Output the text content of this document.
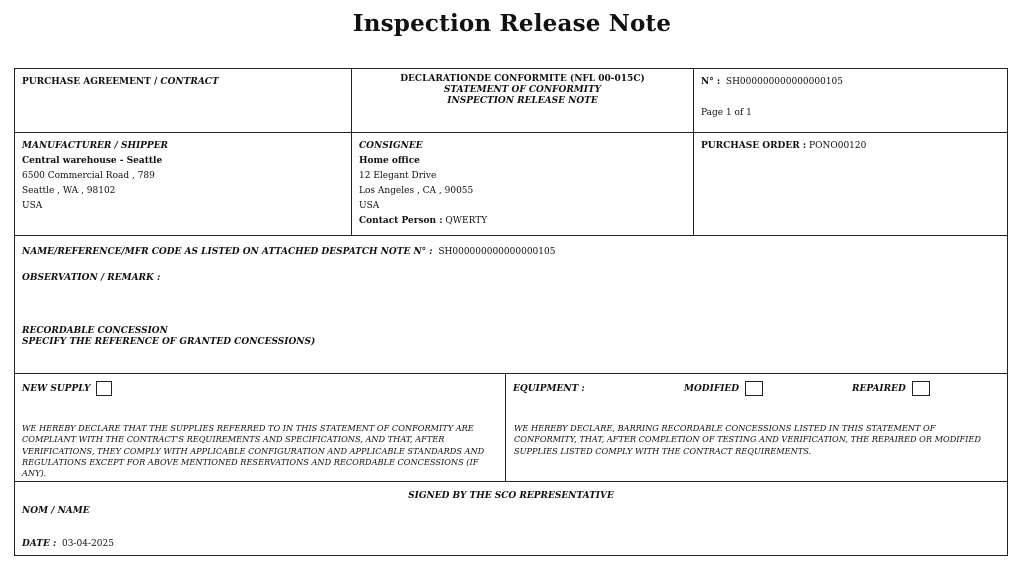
Inspection Release Note
PURCHASE AGREEMENT / CONTRACT	DECLARATIONDE CONFORMITE (NFL 00-015C)
STATEMENT OF CONFORMITY
INSPECTION RELEASE NOTE
N° : SH000000000000000105
Page 1 of 1
MANUFACTURER / SHIPPER
Central warehouse - Seattle
6500 Commercial Road , 789
Seattle , WA , 98102
USA
CONSIGNEE
Home office
12 Elegant Drive
Los Angeles , CA , 90055
USA
Contact Person : QWERTY
PURCHASE ORDER : PONO00120
NAME/REFERENCE/MFR CODE AS LISTED ON ATTACHED DESPATCH NOTE N° : SH000000000000000105
OBSERVATION / REMARK :
RECORDABLE CONCESSION
SPECIFY THE REFERENCE OF GRANTED CONCESSIONS)
NEW SUPPLY
WE HEREBY DECLARE THAT THE SUPPLIES REFERRED TO IN THIS STATEMENT OF CONFORMITY ARE COMPLIANT WITH THE CONTRACT'S REQUIREMENTS AND SPECIFICATIONS, AND THAT, AFTER VERIFICATIONS, THEY COMPLY WITH APPLICABLE CONFIGURATION AND APPLICABLE STANDARDS AND REGULATIONS EXCEPT FOR ABOVE MENTIONED RESERVATIONS AND RECORDABLE CONCESSIONS (IF ANY).
EQUIPMENT :	MODIFIED	REPAIRED
WE HEREBY DECLARE, BARRING RECORDABLE CONCESSIONS LISTED IN THIS STATEMENT OF CONFORMITY, THAT, AFTER COMPLETION OF TESTING AND VERIFICATION, THE REPAIRED OR MODIFIED SUPPLIES LISTED COMPLY WITH THE CONTRACT REQUIREMENTS.
SIGNED BY THE SCO REPRESENTATIVE
NOM / NAME
DATE : 03-04-2025
